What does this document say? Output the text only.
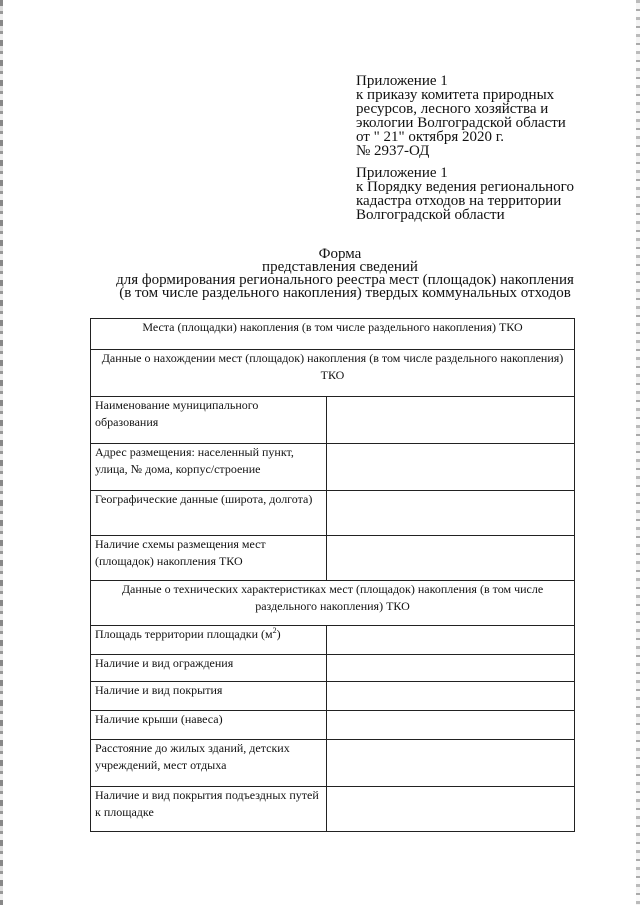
Приложение 1
к приказу комитета природных
ресурсов, лесного хозяйства и
экологии Волгоградской области
от " 21" октября 2020 г.
№ 2937-ОД
Приложение 1
к Порядку ведения регионального
кадастра отходов на территории
Волгоградской области
Форма
представления сведений
для формирования регионального реестра мест (площадок) накопления
(в том числе раздельного накопления) твердых коммунальных отходов
Места (площадки) накопления (в том числе раздельного накопления) ТКО	
Данные о нахождении мест (площадок) накопления (в том числе раздельного накопления) ТКО	
Наименование муниципального образования	
Адрес размещения: населенный пункт, улица, № дома, корпус/строение	
Географические данные (широта, долгота)	
Наличие схемы размещения мест (площадок) накопления ТКО	
Данные о технических характеристиках мест (площадок) накопления (в том числе раздельного накопления) ТКО	
Площадь территории площадки $(м^2)$	
Наличие и вид ограждения	
Наличие и вид покрытия	
Наличие крыши (навеса)	
Расстояние до жилых зданий, детских учреждений, мест отдыха	
Наличие и вид покрытия подъездных путей к площадке	
